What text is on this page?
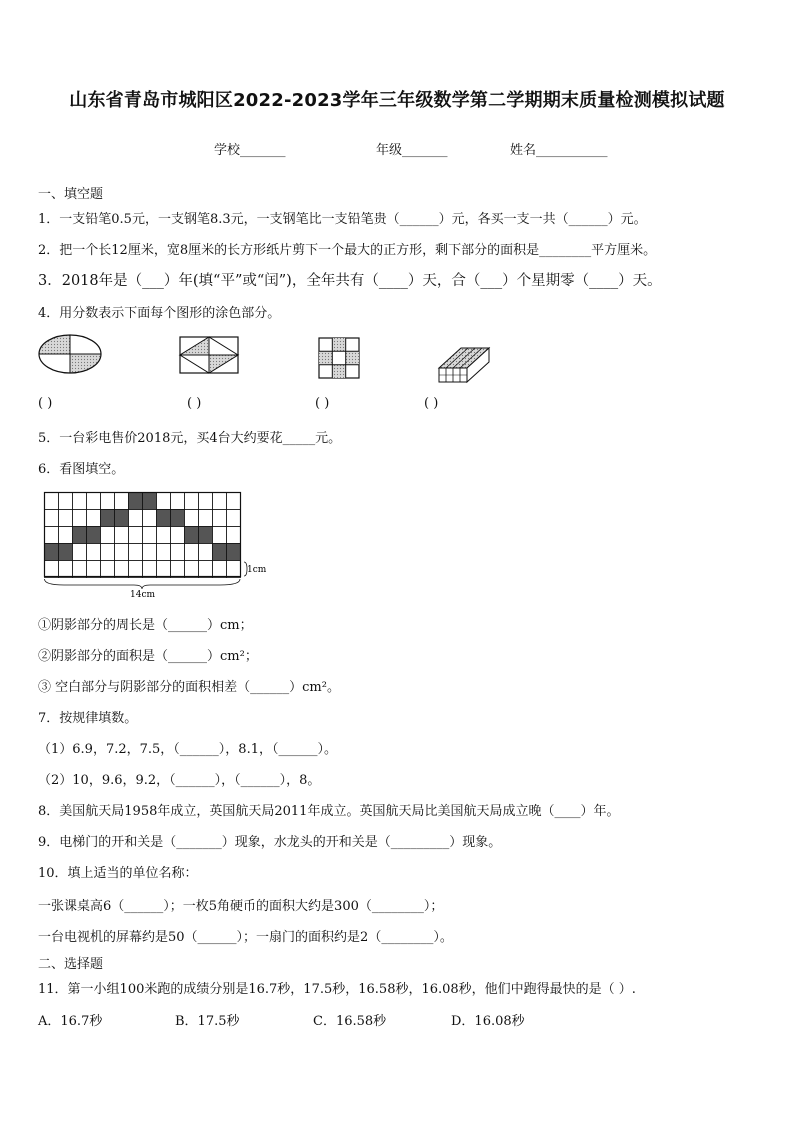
山东省青岛市城阳区2022-2023学年三年级数学第二学期期末质量检测模拟试题
学校_______	年级_______	姓名___________
一、填空题
1．一支铅笔0.5元，一支钢笔8.3元，一支钢笔比一支铅笔贵（______）元，各买一支一共（______）元。
2．把一个长12厘米，宽8厘米的长方形纸片剪下一个最大的正方形，剩下部分的面积是________平方厘米。
3．2018年是（___）年(填“平”或“闰”)，全年共有（____）天，合（___）个星期零（____）天。
4．用分数表示下面每个图形的涂色部分。
( )	( )	( )	( )
5．一台彩电售价2018元，买4台大约要花_____元。
6．看图填空。
1cm
14cm
①阴影部分的周长是（______）cm；
②阴影部分的面积是（______）cm²；
③ 空白部分与阴影部分的面积相差（______）cm²。
7．按规律填数。
（1）6.9，7.2，7.5，（______），8.1，（______）。
（2）10，9.6，9.2，（______），（______），8。
8．美国航天局1958年成立，英国航天局2011年成立。英国航天局比美国航天局成立晚（____）年。
9．电梯门的开和关是（_______）现象，水龙头的开和关是（_________）现象。
10．填上适当的单位名称：
一张课桌高6（______）；一枚5角硬币的面积大约是300（________）；
一台电视机的屏幕约是50（______）；一扇门的面积约是2（________）。
二、选择题
11．第一小组100米跑的成绩分别是16.7秒，17.5秒，16.58秒，16.08秒，他们中跑得最快的是（ ）.
A．16.7秒	B．17.5秒	C．16.58秒	D．16.08秒
